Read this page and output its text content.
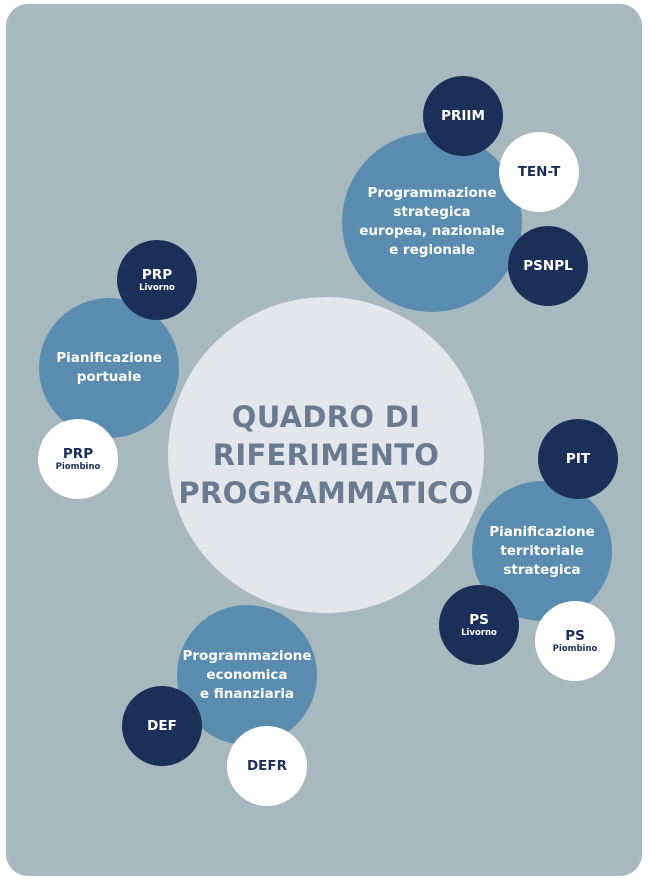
QUADRO DI
RIFERIMENTO
PROGRAMMATICO
Programmazione
strategica
europea, nazionale
e regionale
PRIIM
TEN-T
PSNPL
Pianificazione
portuale
PRP
Livorno
PRP
Piombino
Pianificazione
territoriale
strategica
PIT
PS
Livorno	PS
Piombino
Programmazione
economica
e finanziaria
DEF
DEFR
